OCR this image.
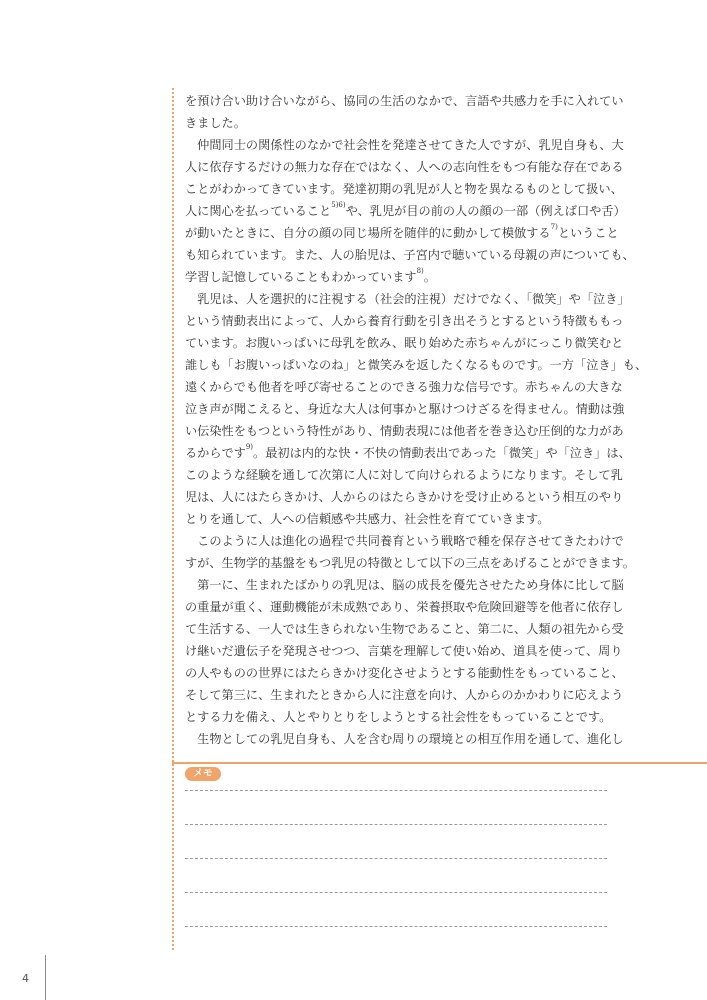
を預け合い助け合いながら、協同の生活のなかで、言語や共感力を手に入れてい
きました。
　仲間同士の関係性のなかで社会性を発達させてきた人ですが、乳児自身も、大
人に依存するだけの無力な存在ではなく、人への志向性をもつ有能な存在である
ことがわかってきています。発達初期の乳児が人と物を異なるものとして扱い、
人に関心を払っていること$^{5)6)}$や、乳児が目の前の人の顔の一部（例えば口や舌）
が動いたときに、自分の顔の同じ場所を随伴的に動かして模倣する$^{7)}$ということ
も知られています。また、人の胎児は、子宮内で聴いている母親の声についても、
学習し記憶していることもわかっています$^{8)}$。
　乳児は、人を選択的に注視する（社会的注視）だけでなく、「微笑」や「泣き」
という情動表出によって、人から養育行動を引き出そうとするという特徴ももっ
ています。お腹いっぱいに母乳を飲み、眠り始めた赤ちゃんがにっこり微笑むと
誰しも「お腹いっぱいなのね」と微笑みを返したくなるものです。一方「泣き」も、
遠くからでも他者を呼び寄せることのできる強力な信号です。赤ちゃんの大きな
泣き声が聞こえると、身近な大人は何事かと駆けつけざるを得ません。情動は強
い伝染性をもつという特性があり、情動表現には他者を巻き込む圧倒的な力があ
るからです$^{9)}$。最初は内的な快・不快の情動表出であった「微笑」や「泣き」は、
このような経験を通して次第に人に対して向けられるようになります。そして乳
児は、人にはたらきかけ、人からのはたらきかけを受け止めるという相互のやり
とりを通して、人への信頼感や共感力、社会性を育てていきます。
　このように人は進化の過程で共同養育という戦略で種を保存させてきたわけで
すが、生物学的基盤をもつ乳児の特徴として以下の三点をあげることができます。
　第一に、生まれたばかりの乳児は、脳の成長を優先させたため身体に比して脳
の重量が重く、運動機能が未成熟であり、栄養摂取や危険回避等を他者に依存し
て生活する、一人では生きられない生物であること、第二に、人類の祖先から受
け継いだ遺伝子を発現させつつ、言葉を理解して使い始め、道具を使って、周り
の人やものの世界にはたらきかけ変化させようとする能動性をもっていること、
そして第三に、生まれたときから人に注意を向け、人からのかかわりに応えよう
とする力を備え、人とやりとりをしようとする社会性をもっていることです。
　生物としての乳児自身も、人を含む周りの環境との相互作用を通して、進化し
メモ
4
